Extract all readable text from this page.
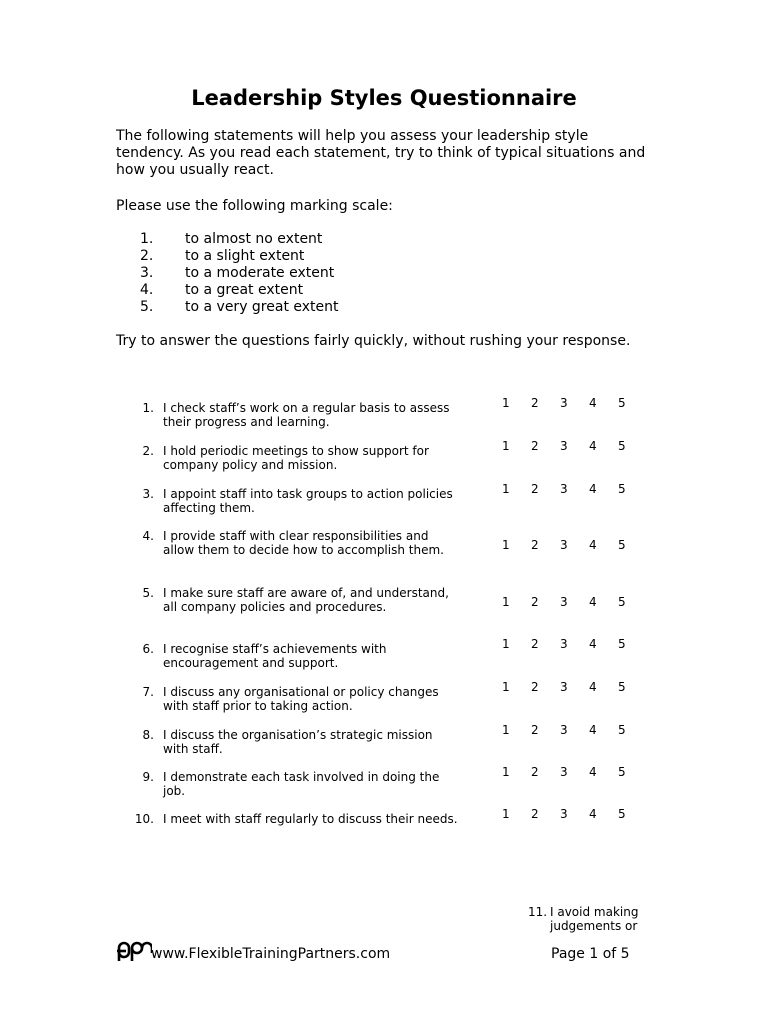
Leadership Styles Questionnaire
The following statements will help you assess your leadership style tendency. As you read each statement, try to think of typical situations and how you usually react.
Please use the following marking scale:
1.	to almost no extent
2.	to a slight extent
3.	to a moderate extent
4.	to a great extent
5.	to a very great extent
Try to answer the questions fairly quickly, without rushing your response.
1. I check staff’s work on a regular basis to assess their progress and learning.
1	2	3	4	5
2. I hold periodic meetings to show support for company policy and mission.
1	2	3	4	5
3. I appoint staff into task groups to action policies affecting them.
1	2	3	4	5
4. I provide staff with clear responsibilities and allow them to decide how to accomplish them.	1	2	3	4	5
5. I make sure staff are aware of, and understand, all company policies and procedures.	1	2	3	4	5
6. I recognise staff’s achievements with encouragement and support.
1	2	3	4	5
7. I discuss any organisational or policy changes with staff prior to taking action.
1	2	3	4	5
8. I discuss the organisation’s strategic mission with staff.
1	2	3	4	5
9. I demonstrate each task involved in doing the job.
1	2	3	4	5
10. I meet with staff regularly to discuss their needs.	1	2	3	4	5
11. I avoid making
judgements or
www.FlexibleTrainingPartners.com	Page 1 of 5
